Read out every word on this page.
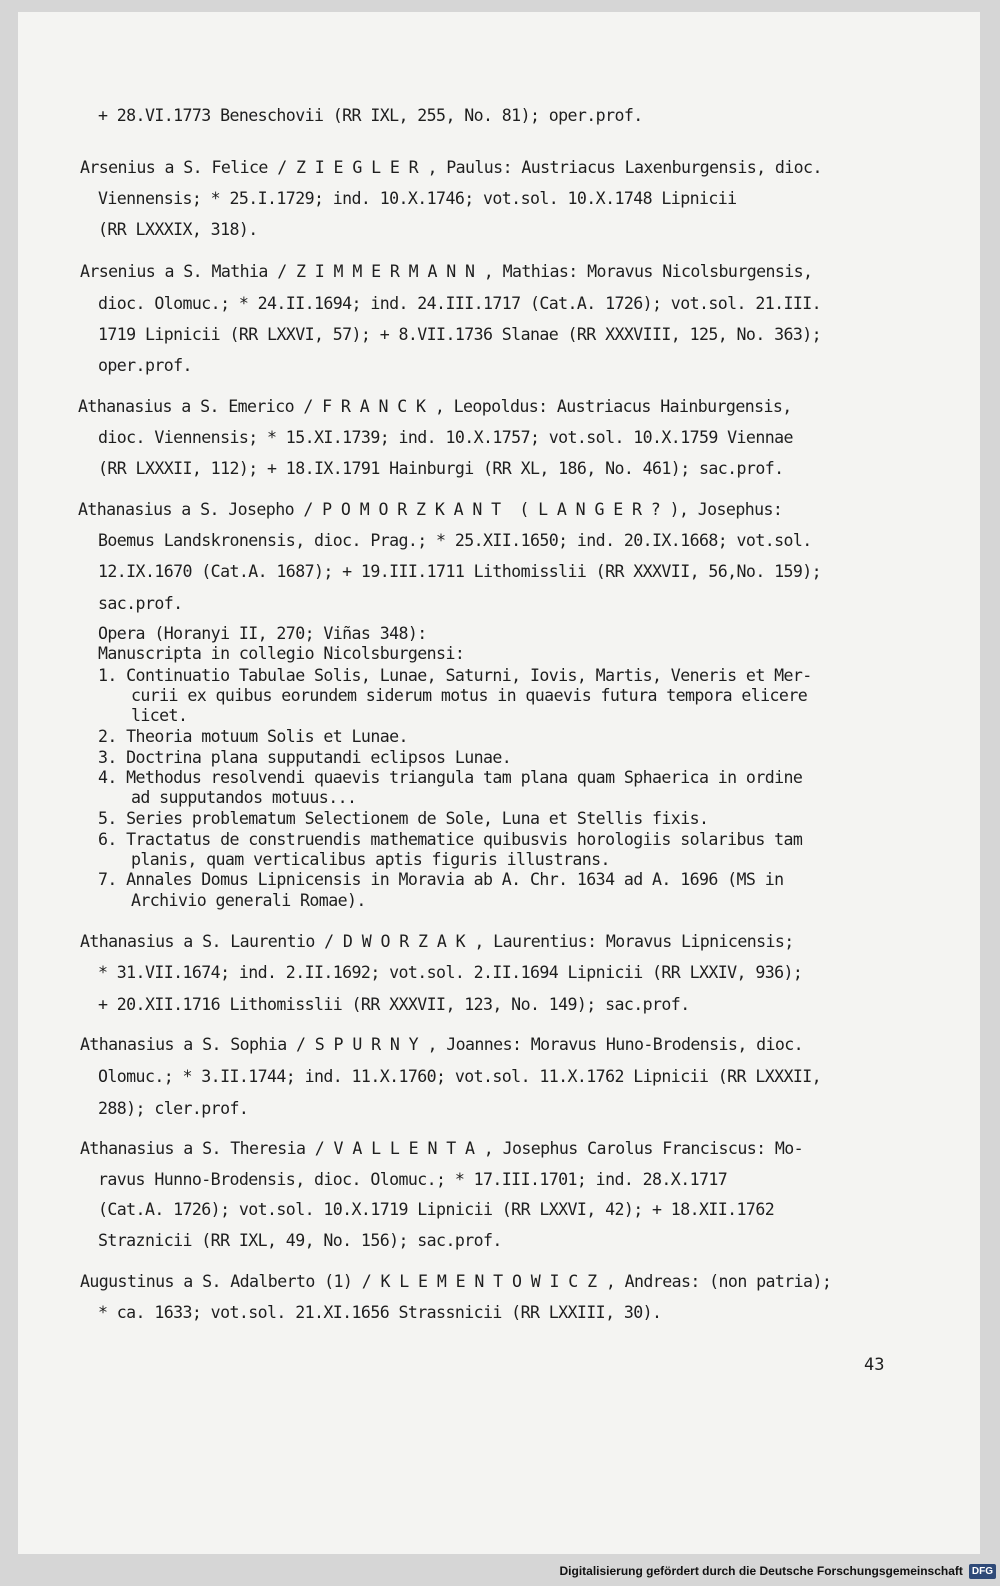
+ 28.VI.1773 Beneschovii (RR IXL, 255, No. 81); oper.prof.
Arsenius a S. Felice / Z I E G L E R , Paulus: Austriacus Laxenburgensis, dioc.
Viennensis; * 25.I.1729; ind. 10.X.1746; vot.sol. 10.X.1748 Lipnicii
(RR LXXXIX, 318).
Arsenius a S. Mathia / Z I M M E R M A N N , Mathias: Moravus Nicolsburgensis,
dioc. Olomuc.; * 24.II.1694; ind. 24.III.1717 (Cat.A. 1726); vot.sol. 21.III.
1719 Lipnicii (RR LXXVI, 57); + 8.VII.1736 Slanae (RR XXXVIII, 125, No. 363);
oper.prof.
Athanasius a S. Emerico / F R A N C K , Leopoldus: Austriacus Hainburgensis,
dioc. Viennensis; * 15.XI.1739; ind. 10.X.1757; vot.sol. 10.X.1759 Viennae
(RR LXXXII, 112); + 18.IX.1791 Hainburgi (RR XL, 186, No. 461); sac.prof.
Athanasius a S. Josepho / P O M O R Z K A N T  ( L A N G E R ? ), Josephus:
Boemus Landskronensis, dioc. Prag.; * 25.XII.1650; ind. 20.IX.1668; vot.sol.
12.IX.1670 (Cat.A. 1687); + 19.III.1711 Lithomisslii (RR XXXVII, 56,No. 159);
sac.prof.
Opera (Horanyi II, 270; Viñas 348):
Manuscripta in collegio Nicolsburgensi:
1. Continuatio Tabulae Solis, Lunae, Saturni, Iovis, Martis, Veneris et Mer-
curii ex quibus eorundem siderum motus in quaevis futura tempora elicere
licet.
2. Theoria motuum Solis et Lunae.
3. Doctrina plana supputandi eclipsos Lunae.
4. Methodus resolvendi quaevis triangula tam plana quam Sphaerica in ordine
ad supputandos motuus...
5. Series problematum Selectionem de Sole, Luna et Stellis fixis.
6. Tractatus de construendis mathematice quibusvis horologiis solaribus tam
planis, quam verticalibus aptis figuris illustrans.
7. Annales Domus Lipnicensis in Moravia ab A. Chr. 1634 ad A. 1696 (MS in
Archivio generali Romae).
Athanasius a S. Laurentio / D W O R Z A K , Laurentius: Moravus Lipnicensis;
* 31.VII.1674; ind. 2.II.1692; vot.sol. 2.II.1694 Lipnicii (RR LXXIV, 936);
+ 20.XII.1716 Lithomisslii (RR XXXVII, 123, No. 149); sac.prof.
Athanasius a S. Sophia / S P U R N Y , Joannes: Moravus Huno-Brodensis, dioc.
Olomuc.; * 3.II.1744; ind. 11.X.1760; vot.sol. 11.X.1762 Lipnicii (RR LXXXII,
288); cler.prof.
Athanasius a S. Theresia / V A L L E N T A , Josephus Carolus Franciscus: Mo-
ravus Hunno-Brodensis, dioc. Olomuc.; * 17.III.1701; ind. 28.X.1717
(Cat.A. 1726); vot.sol. 10.X.1719 Lipnicii (RR LXXVI, 42); + 18.XII.1762
Straznicii (RR IXL, 49, No. 156); sac.prof.
Augustinus a S. Adalberto (1) / K L E M E N T O W I C Z , Andreas: (non patria);
* ca. 1633; vot.sol. 21.XI.1656 Strassnicii (RR LXXIII, 30).
43
Digitalisierung gefördert durch die Deutsche Forschungsgemeinschaft DFG
